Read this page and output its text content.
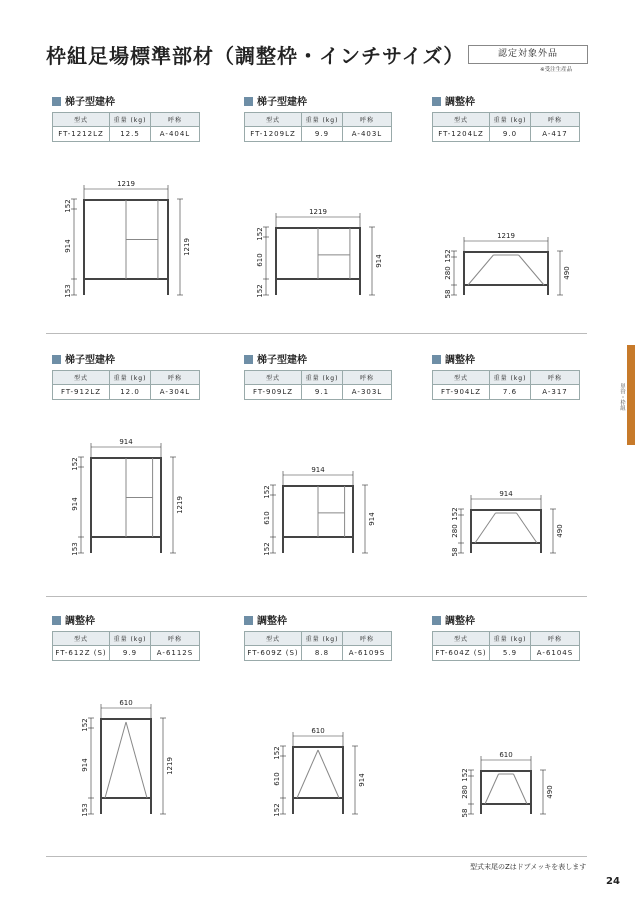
枠組足場標準部材（調整枠・インチサイズ）	認定対象外品
※受注生産品
単管・枠組
型式末尾のZはドブメッキを表します
24
梯子型建枠
型式	重量 (kg)	呼称
FT-1212LZ	12.5	A-404L
1219
152
914
153
1219
梯子型建枠
型式	重量 (kg)	呼称
FT-1209LZ	9.9	A-403L
1219
152
610
152
914
調整枠
型式	重量 (kg)	呼称
FT-1204LZ	9.0	A-417
1219
152
280
58
490
梯子型建枠
型式	重量 (kg)	呼称
FT-912LZ	12.0	A-304L
914
152
914
153
1219
梯子型建枠
型式	重量 (kg)	呼称
FT-909LZ	9.1	A-303L
914
152
610
152
914
調整枠
型式	重量 (kg)	呼称
FT-904LZ	7.6	A-317
914
152
280
58
490
調整枠
型式	重量 (kg)	呼称
FT-612Z (S)	9.9	A-6112S
610
152
914
153
1219
調整枠
型式	重量 (kg)	呼称
FT-609Z (S)	8.8	A-6109S
610
152
610
152
914
調整枠
型式	重量 (kg)	呼称
FT-604Z (S)	5.9	A-6104S
610
152
280
58
490
